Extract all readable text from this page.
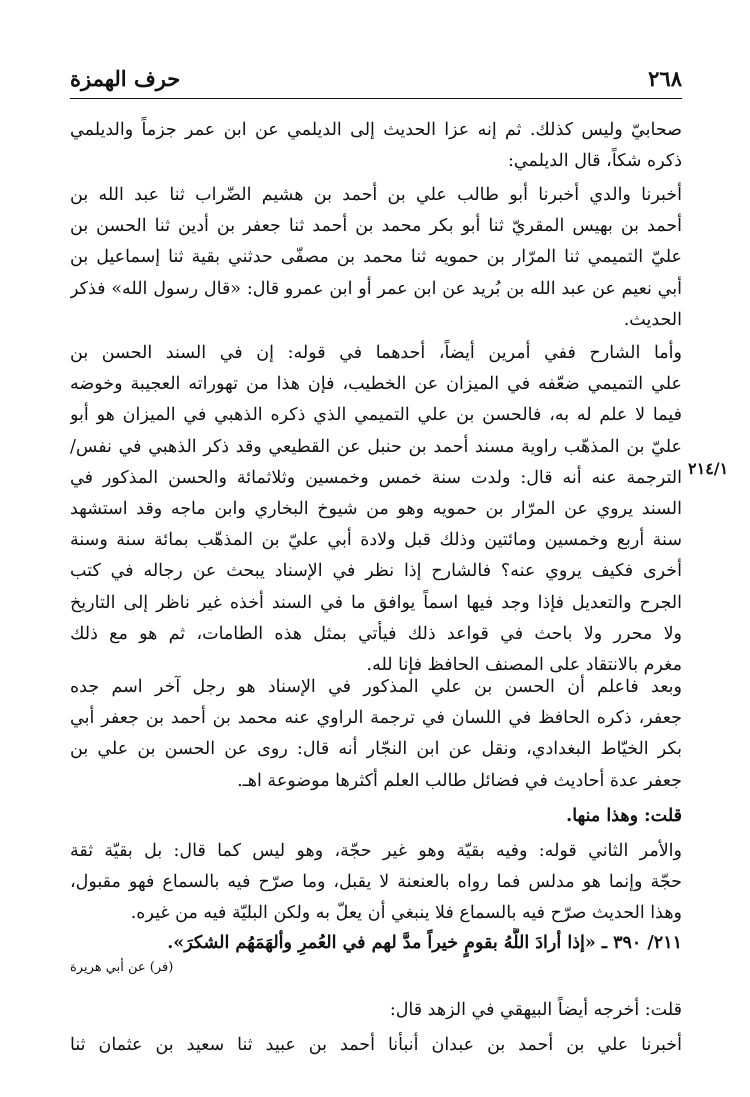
٢٦٨
حرف الهمزة
٢١٤/١
صحابيّ وليس كذلك. ثم إنه عزا الحديث إلى الديلمي عن ابن عمر جزماً والديلمي
ذكره شكاً، قال الديلمي:
أخبرنا والدي أخبرنا أبو طالب علي بن أحمد بن هشيم الضّراب ثنا عبد الله بن
أحمد بن بهيس المقريّ ثنا أبو بكر محمد بن أحمد ثنا جعفر بن أدين ثنا الحسن بن
عليّ التميمي ثنا المرّار بن حمويه ثنا محمد بن مصفّى حدثني بقية ثنا إسماعيل بن
أبي نعيم عن عبد الله بن بُريد عن ابن عمر أو ابن عمرو قال: «قال رسول الله» فذكر
الحديث.
وأما الشارح ففي أمرين أيضاً، أحدهما في قوله: إن في السند الحسن بن
علي التميمي ضعّفه في الميزان عن الخطيب، فإن هذا من تهوراته العجيبة وخوضه
فيما لا علم له به، فالحسن بن علي التميمي الذي ذكره الذهبي في الميزان هو أبو
عليّ بن المذهّب راوية مسند أحمد بن حنبل عن القطيعي وقد ذكر الذهبي في نفس/
الترجمة عنه أنه قال: ولدت سنة خمس وخمسين وثلاثمائة والحسن المذكور في
السند يروي عن المرّار بن حمويه وهو من شيوخ البخاري وابن ماجه وقد استشهد
سنة أربع وخمسين ومائتين وذلك قبل ولادة أبي عليّ بن المذهّب بمائة سنة وسنة
أخرى فكيف يروي عنه؟ فالشارح إذا نظر في الإسناد يبحث عن رجاله في كتب
الجرح والتعديل فإذا وجد فيها اسماً يوافق ما في السند أخذه غير ناظر إلى التاريخ
ولا محرر ولا باحث في قواعد ذلك فيأتي بمثل هذه الطامات، ثم هو مع ذلك
مغرم بالانتقاد على المصنف الحافظ فإنا لله.
وبعد فاعلم أن الحسن بن علي المذكور في الإسناد هو رجل آخر اسم جده
جعفر، ذكره الحافظ في اللسان في ترجمة الراوي عنه محمد بن أحمد بن جعفر أبي
بكر الخيّاط البغدادي، ونقل عن ابن النجّار أنه قال: روى عن الحسن بن علي بن
جعفر عدة أحاديث في فضائل طالب العلم أكثرها موضوعة اهـ.
قلت: وهذا منها.
والأمر الثاني قوله: وفيه بقيّة وهو غير حجّة، وهو ليس كما قال: بل بقيّة ثقة
حجّة وإنما هو مدلس فما رواه بالعنعنة لا يقبل، وما صرّح فيه بالسماع فهو مقبول،
وهذا الحديث صرّح فيه بالسماع فلا ينبغي أن يعلّ به ولكن البليّة فيه من غيره.
٢١١/ ٣٩٠ ـ «إذا أرادَ اللَّهُ بقومٍ خيراً مدَّ لهم في العُمرِ وألهَمَهُم الشكرَ».
(فر) عن أبي هريرة
قلت: أخرجه أيضاً البيهقي في الزهد قال:
أخبرنا علي بن أحمد بن عبدان أنبأنا أحمد بن عبيد ثنا سعيد بن عثمان ثنا
